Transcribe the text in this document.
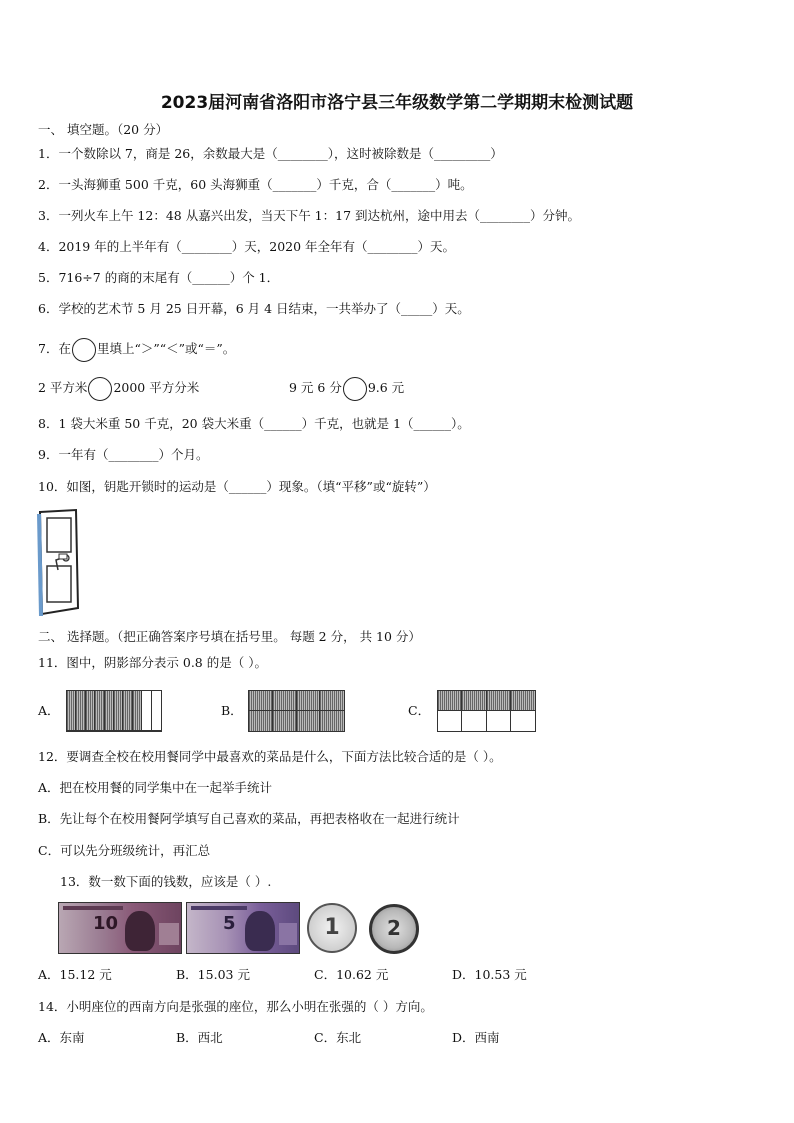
2023届河南省洛阳市洛宁县三年级数学第二学期期末检测试题
一、 填空题。（20 分）
1．一个数除以 7，商是 26，余数最大是（________），这时被除数是（_________）
2．一头海狮重 500 千克，60 头海狮重（_______）千克，合（_______）吨。
3．一列火车上午 12：48 从嘉兴出发，当天下午 1：17 到达杭州，途中用去（________）分钟。
4．2019 年的上半年有（________）天，2020 年全年有（________）天。
5．716÷7 的商的末尾有（______）个 1．
6．学校的艺术节 5 月 25 日开幕，6 月 4 日结束，一共举办了（_____）天。
7．在 里填上“＞”“＜”或“＝”。
2 平方米 2000 平方分米	9 元 6 分 9.6 元
8．1 袋大米重 50 千克，20 袋大米重（______）千克，也就是 1（______）。
9．一年有（________）个月。
10．如图，钥匙开锁时的运动是（______）现象。（填“平移”或“旋转”）
二、 选择题。（把正确答案序号填在括号里。 每题 2 分， 共 10 分）
11．图中，阴影部分表示 0.8 的是（ ）。
A．	B．	C．
12．要调查全校在校用餐同学中最喜欢的菜品是什么，下面方法比较合适的是（ ）。
A．把在校用餐的同学集中在一起举手统计
B．先让每个在校用餐阿学填写自己喜欢的菜品，再把表格收在一起进行统计
C．可以先分班级统计，再汇总
13．数一数下面的钱数，应该是（ ）.
10	5	1	2
A．15.12 元	B．15.03 元	C．10.62 元	D．10.53 元
14．小明座位的西南方向是张强的座位，那么小明在张强的（ ）方向。
A．东南	B．西北	C．东北	D．西南
